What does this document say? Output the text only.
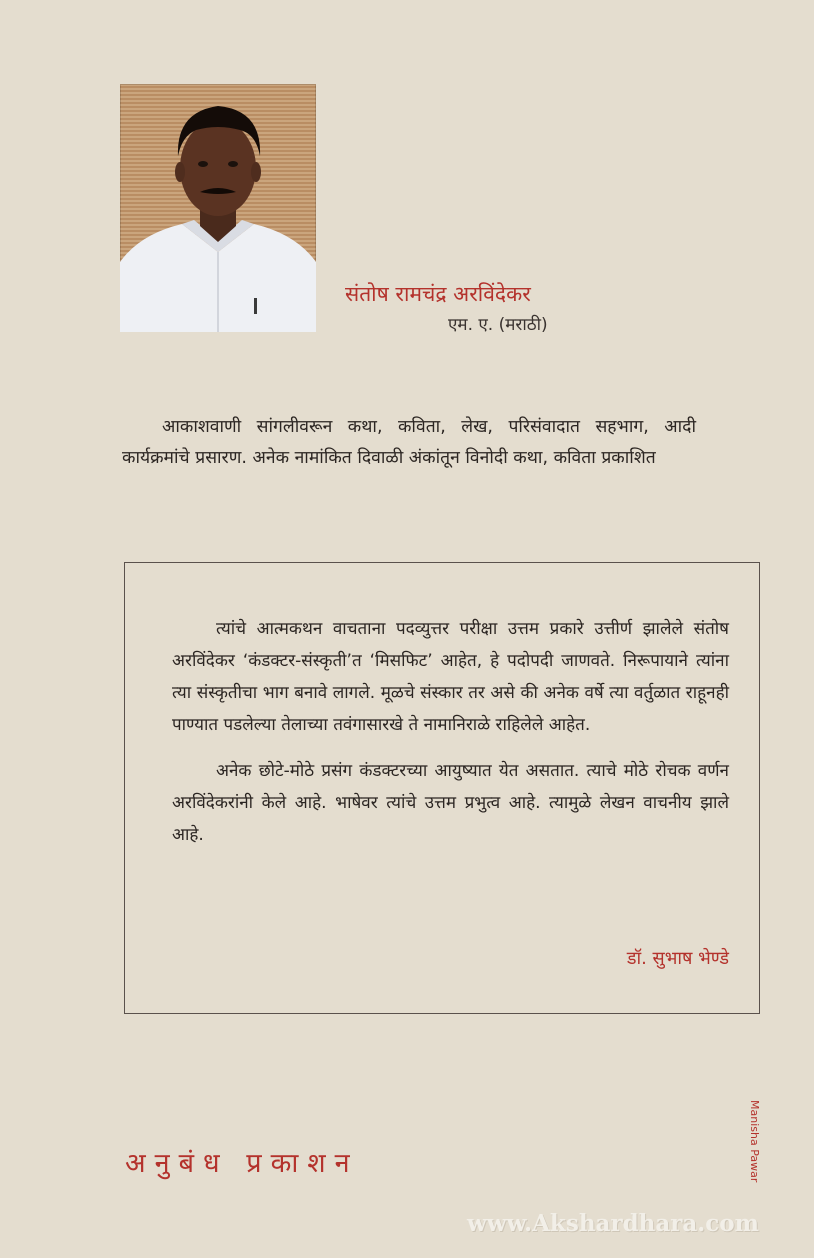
संतोष रामचंद्र अरविंदेकर
एम. ए. (मराठी)

आकाशवाणी सांगलीवरून कथा, कविता, लेख, परिसंवादात सहभाग, आदी कार्यक्रमांचे प्रसारण. अनेक नामांकित दिवाळी अंकांतून विनोदी कथा, कविता प्रकाशित

त्यांचे आत्मकथन वाचताना पदव्युत्तर परीक्षा उत्तम प्रकारे उत्तीर्ण झालेले संतोष अरविंदेकर ‘कंडक्टर-संस्कृती’त ‘मिसफिट’ आहेत, हे पदोपदी जाणवते. निरूपायाने त्यांना त्या संस्कृतीचा भाग बनावे लागले. मूळचे संस्कार तर असे की अनेक वर्षे त्या वर्तुळात राहूनही पाण्यात पडलेल्या तेलाच्या तवंगासारखे ते नामानिराळे राहिलेले आहेत.

अनेक छोटे-मोठे प्रसंग कंडक्टरच्या आयुष्यात येत असतात. त्याचे मोठे रोचक वर्णन अरविंदेकरांनी केले आहे. भाषेवर त्यांचे उत्तम प्रभुत्व आहे. त्यामुळे लेखन वाचनीय झाले आहे.

डॉ. सुभाष भेण्डे
Manisha Pawar
अनुबंध प्रकाशन
www.Akshardhara.com
